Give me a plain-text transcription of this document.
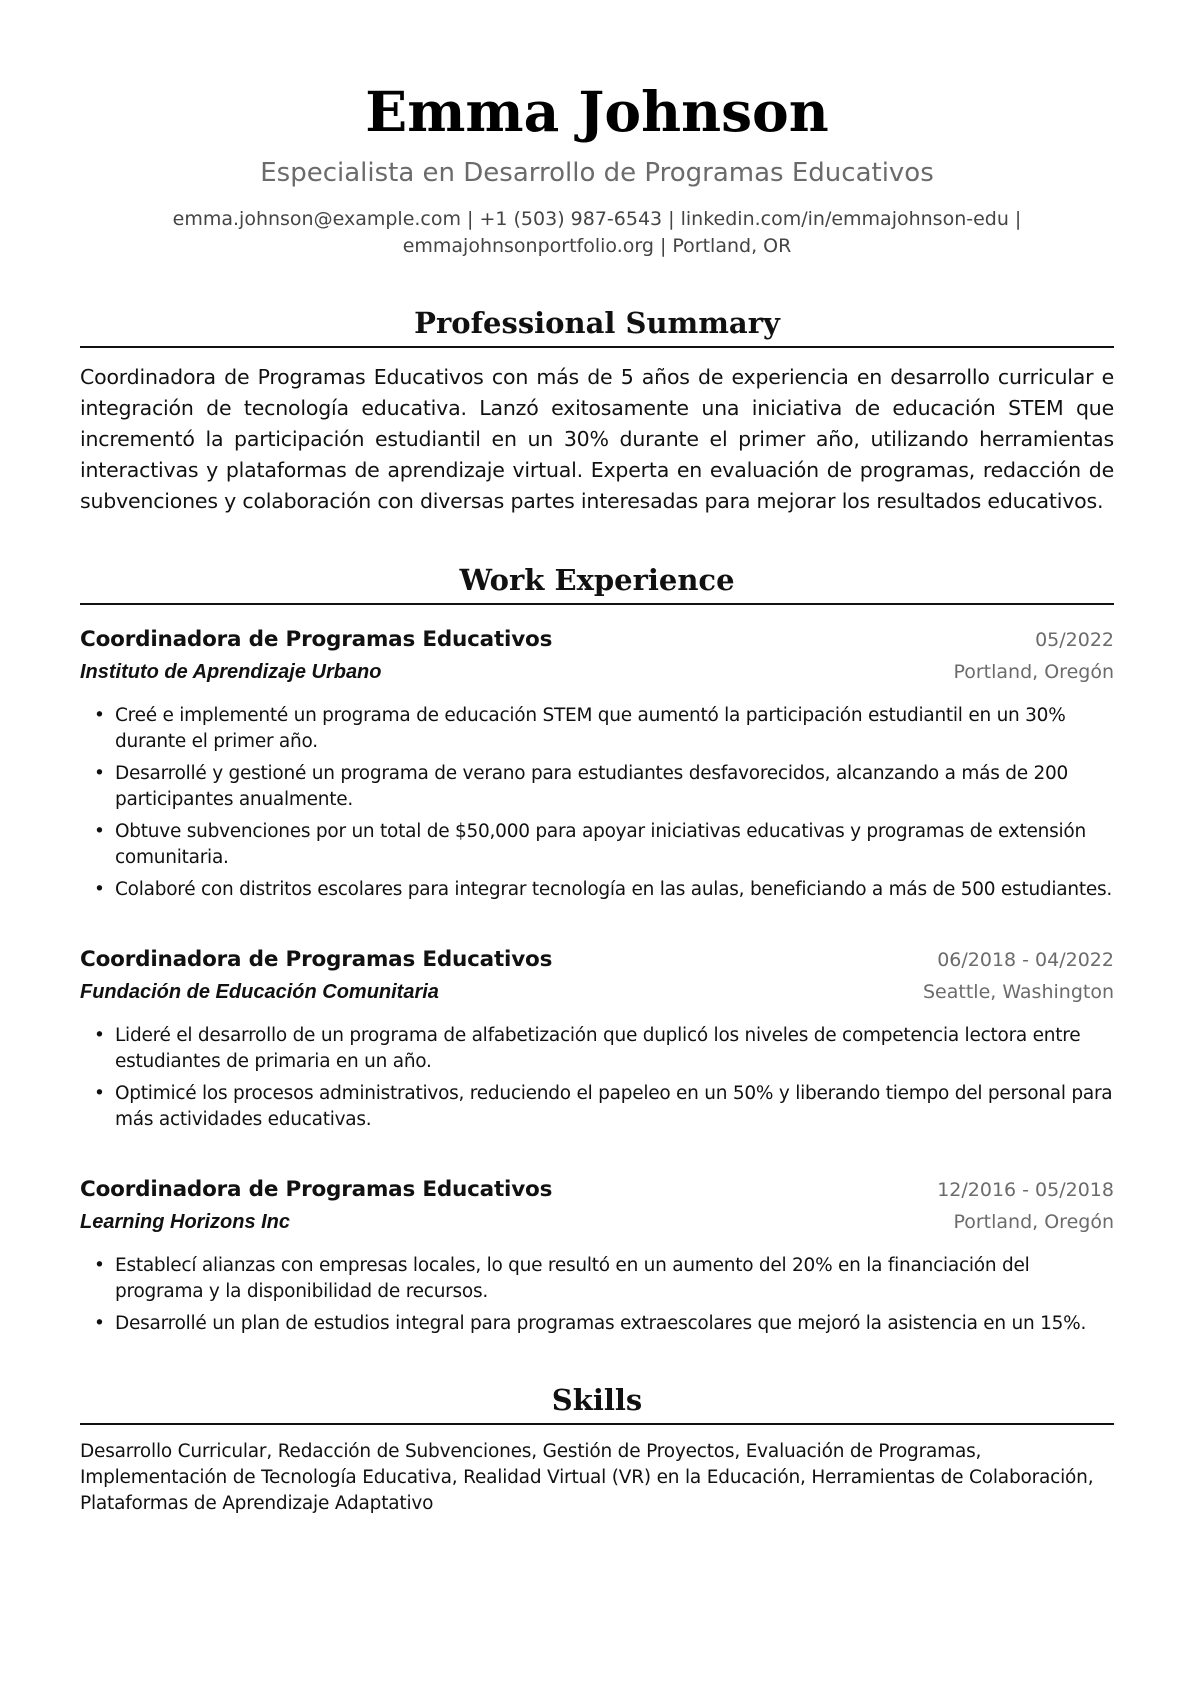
Emma Johnson
Especialista en Desarrollo de Programas Educativos
emma.johnson@example.com | +1 (503) 987-6543 | linkedin.com/in/emmajohnson-edu |
emmajohnsonportfolio.org | Portland, OR
Professional Summary
Coordinadora de Programas Educativos con más de 5 años de experiencia en desarrollo curricular e integración de tecnología educativa. Lanzó exitosamente una iniciativa de educación STEM que incrementó la participación estudiantil en un 30% durante el primer año, utilizando herramientas interactivas y plataformas de aprendizaje virtual. Experta en evaluación de programas, redacción de subvenciones y colaboración con diversas partes interesadas para mejorar los resultados educativos.
Work Experience
Coordinadora de Programas Educativos	05/2022
Instituto de Aprendizaje Urbano	Portland, Oregón
• Creé e implementé un programa de educación STEM que aumentó la participación estudiantil en un 30% durante el primer año.
• Desarrollé y gestioné un programa de verano para estudiantes desfavorecidos, alcanzando a más de 200 participantes anualmente.
• Obtuve subvenciones por un total de $50,000 para apoyar iniciativas educativas y programas de extensión comunitaria.
• Colaboré con distritos escolares para integrar tecnología en las aulas, beneficiando a más de 500 estudiantes.
Coordinadora de Programas Educativos	06/2018 - 04/2022
Fundación de Educación Comunitaria	Seattle, Washington
• Lideré el desarrollo de un programa de alfabetización que duplicó los niveles de competencia lectora entre estudiantes de primaria en un año.
• Optimicé los procesos administrativos, reduciendo el papeleo en un 50% y liberando tiempo del personal para más actividades educativas.
Coordinadora de Programas Educativos	12/2016 - 05/2018
Learning Horizons Inc	Portland, Oregón
• Establecí alianzas con empresas locales, lo que resultó en un aumento del 20% en la financiación del programa y la disponibilidad de recursos.
• Desarrollé un plan de estudios integral para programas extraescolares que mejoró la asistencia en un 15%.
Skills
Desarrollo Curricular, Redacción de Subvenciones, Gestión de Proyectos, Evaluación de Programas, Implementación de Tecnología Educativa, Realidad Virtual (VR) en la Educación, Herramientas de Colaboración, Plataformas de Aprendizaje Adaptativo
